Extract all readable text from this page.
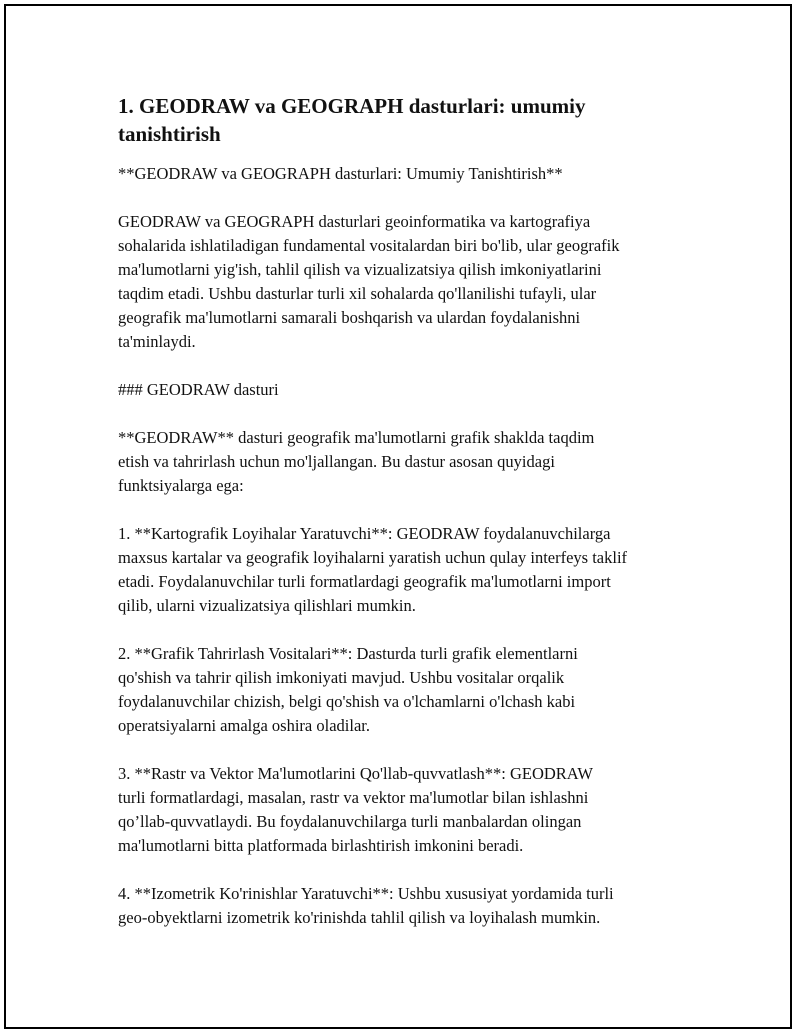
1. GEODRAW va GEOGRAPH dasturlari: umumiy
tanishtirish
**GEODRAW va GEOGRAPH dasturlari: Umumiy Tanishtirish**
GEODRAW va GEOGRAPH dasturlari geoinformatika va kartografiya
sohalarida ishlatiladigan fundamental vositalardan biri bo'lib, ular geografik
ma'lumotlarni yig'ish, tahlil qilish va vizualizatsiya qilish imkoniyatlarini
taqdim etadi. Ushbu dasturlar turli xil sohalarda qo'llanilishi tufayli, ular
geografik ma'lumotlarni samarali boshqarish va ulardan foydalanishni
ta'minlaydi.
### GEODRAW dasturi
**GEODRAW** dasturi geografik ma'lumotlarni grafik shaklda taqdim
etish va tahrirlash uchun mo'ljallangan. Bu dastur asosan quyidagi
funktsiyalarga ega:
1. **Kartografik Loyihalar Yaratuvchi**: GEODRAW foydalanuvchilarga
maxsus kartalar va geografik loyihalarni yaratish uchun qulay interfeys taklif
etadi. Foydalanuvchilar turli formatlardagi geografik ma'lumotlarni import
qilib, ularni vizualizatsiya qilishlari mumkin.
2. **Grafik Tahrirlash Vositalari**: Dasturda turli grafik elementlarni
qo'shish va tahrir qilish imkoniyati mavjud. Ushbu vositalar orqalik
foydalanuvchilar chizish, belgi qo'shish va o'lchamlarni o'lchash kabi
operatsiyalarni amalga oshira oladilar.
3. **Rastr va Vektor Ma'lumotlarini Qo'llab-quvvatlash**: GEODRAW
turli formatlardagi, masalan, rastr va vektor ma'lumotlar bilan ishlashni
qo’llab-quvvatlaydi. Bu foydalanuvchilarga turli manbalardan olingan
ma'lumotlarni bitta platformada birlashtirish imkonini beradi.
4. **Izometrik Ko'rinishlar Yaratuvchi**: Ushbu xususiyat yordamida turli
geo-obyektlarni izometrik ko'rinishda tahlil qilish va loyihalash mumkin.
